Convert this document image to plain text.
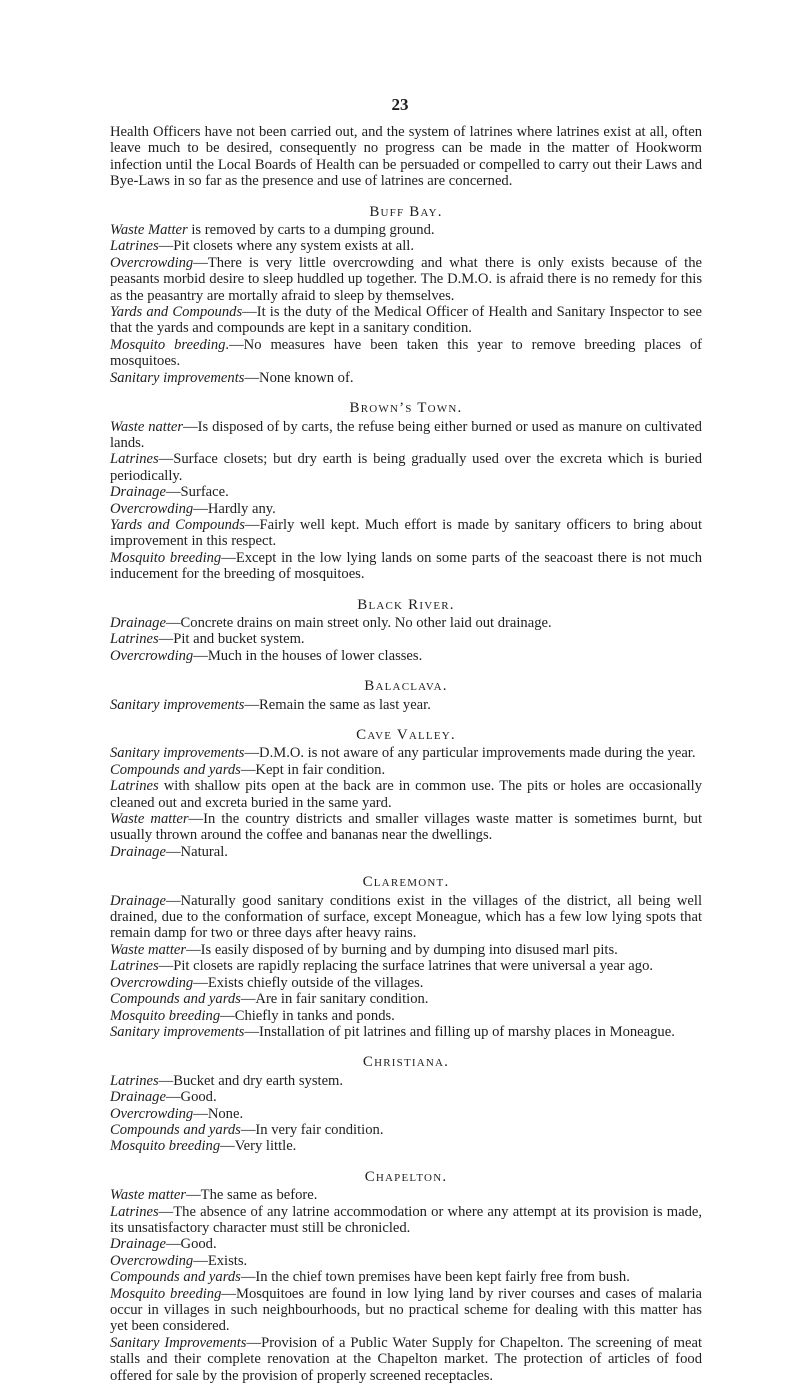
23

Health Officers have not been carried out, and the system of latrines where latrines exist at all, often leave much to be desired, consequently no progress can be made in the matter of Hookworm infection until the Local Boards of Health can be persuaded or compelled to carry out their Laws and Bye-Laws in so far as the presence and use of latrines are concerned.

Buff Bay.

Waste Matter is removed by carts to a dumping ground.

Latrines—Pit closets where any system exists at all.

Overcrowding—There is very little overcrowding and what there is only exists because of the peasants morbid desire to sleep huddled up together. The D.M.O. is afraid there is no remedy for this as the peasantry are mortally afraid to sleep by themselves.

Yards and Compounds—It is the duty of the Medical Officer of Health and Sanitary Inspector to see that the yards and compounds are kept in a sanitary condition.

Mosquito breeding.—No measures have been taken this year to remove breeding places of mosquitoes.

Sanitary improvements—None known of.

Brown’s Town.

Waste natter—Is disposed of by carts, the refuse being either burned or used as manure on cultivated lands.

Latrines—Surface closets; but dry earth is being gradually used over the excreta which is buried periodically.

Drainage—Surface.

Overcrowding—Hardly any.

Yards and Compounds—Fairly well kept. Much effort is made by sanitary officers to bring about improvement in this respect.

Mosquito breeding—Except in the low lying lands on some parts of the seacoast there is not much inducement for the breeding of mosquitoes.

Black River.

Drainage—Concrete drains on main street only. No other laid out drainage.

Latrines—Pit and bucket system.

Overcrowding—Much in the houses of lower classes.

Balaclava.

Sanitary improvements—Remain the same as last year.

Cave Valley.

Sanitary improvements—D.M.O. is not aware of any particular improvements made during the year.

Compounds and yards—Kept in fair condition.

Latrines with shallow pits open at the back are in common use. The pits or holes are occasionally cleaned out and excreta buried in the same yard.

Waste matter—In the country districts and smaller villages waste matter is sometimes burnt, but usually thrown around the coffee and bananas near the dwellings.

Drainage—Natural.

Claremont.

Drainage—Naturally good sanitary conditions exist in the villages of the district, all being well drained, due to the conformation of surface, except Moneague, which has a few low lying spots that remain damp for two or three days after heavy rains.

Waste matter—Is easily disposed of by burning and by dumping into disused marl pits.

Latrines—Pit closets are rapidly replacing the surface latrines that were universal a year ago.

Overcrowding—Exists chiefly outside of the villages.

Compounds and yards—Are in fair sanitary condition.

Mosquito breeding—Chiefly in tanks and ponds.

Sanitary improvements—Installation of pit latrines and filling up of marshy places in Moneague.

Christiana.

Latrines—Bucket and dry earth system.

Drainage—Good.

Overcrowding—None.

Compounds and yards—In very fair condition.

Mosquito breeding—Very little.

Chapelton.

Waste matter—The same as before.

Latrines—The absence of any latrine accommodation or where any attempt at its provision is made, its unsatisfactory character must still be chronicled.

Drainage—Good.

Overcrowding—Exists.

Compounds and yards—In the chief town premises have been kept fairly free from bush.

Mosquito breeding—Mosquitoes are found in low lying land by river courses and cases of malaria occur in villages in such neighbourhoods, but no practical scheme for dealing with this matter has yet been considered.

Sanitary Improvements—Provision of a Public Water Supply for Chapelton. The screening of meat stalls and their complete renovation at the Chapelton market. The protection of articles of food offered for sale by the provision of properly screened receptacles.
